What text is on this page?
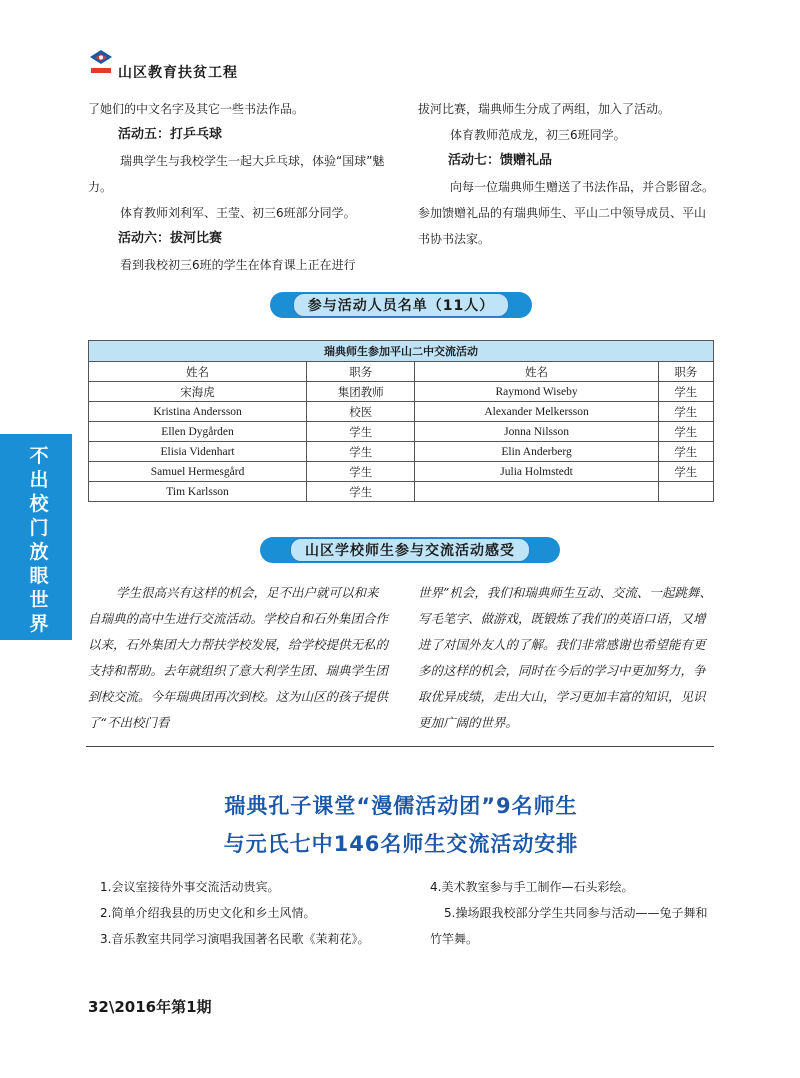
山区教育扶贫工程

了她们的中文名字及其它一些书法作品。

活动五：打乒乓球

瑞典学生与我校学生一起大乒乓球，体验“国球”魅力。

体育教师刘利军、王莹、初三6班部分同学。

活动六：拔河比赛

看到我校初三6班的学生在体育课上正在进行

拔河比赛，瑞典师生分成了两组，加入了活动。

体育教师范成龙，初三6班同学。

活动七：馈赠礼品

向每一位瑞典师生赠送了书法作品，并合影留念。参加馈赠礼品的有瑞典师生、平山二中领导成员、平山书协书法家。

参与活动人员名单（11人）
瑞典师生参加平山二中交流活动			
姓名	职务	姓名	职务
宋海虎	集团教师	Raymond Wiseby	学生
Kristina Andersson	校医	Alexander Melkersson	学生
Ellen Dygården	学生	Jonna Nilsson	学生
Elisia Videnhart	学生	Elin Anderberg	学生
Samuel Hermesgård	学生	Julia Holmstedt	学生
Tim Karlsson	学生		
不出校门放眼世界
山区学校师生参与交流活动感受

学生很高兴有这样的机会，足不出户就可以和来自瑞典的高中生进行交流活动。学校自和石外集团合作以来，石外集团大力帮扶学校发展，给学校提供无私的支持和帮助。去年就组织了意大利学生团、瑞典学生团到校交流。今年瑞典团再次到校。这为山区的孩子提供了“不出校门看

世界”机会，我们和瑞典师生互动、交流、一起跳舞、写毛笔字、做游戏，既锻炼了我们的英语口语，又增进了对国外友人的了解。我们非常感谢也希望能有更多的这样的机会，同时在今后的学习中更加努力，争取优异成绩，走出大山，学习更加丰富的知识，见识更加广阔的世界。

瑞典孔子课堂“漫儒活动团”9名师生
与元氏七中146名师生交流活动安排

1.会议室接待外事交流活动贵宾。

2.简单介绍我县的历史文化和乡土风情。

3.音乐教室共同学习演唱我国著名民歌《茉莉花》。

4.美术教室参与手工制作—石头彩绘。

5.操场跟我校部分学生共同参与活动——兔子舞和竹竿舞。

32\2016年第1期
